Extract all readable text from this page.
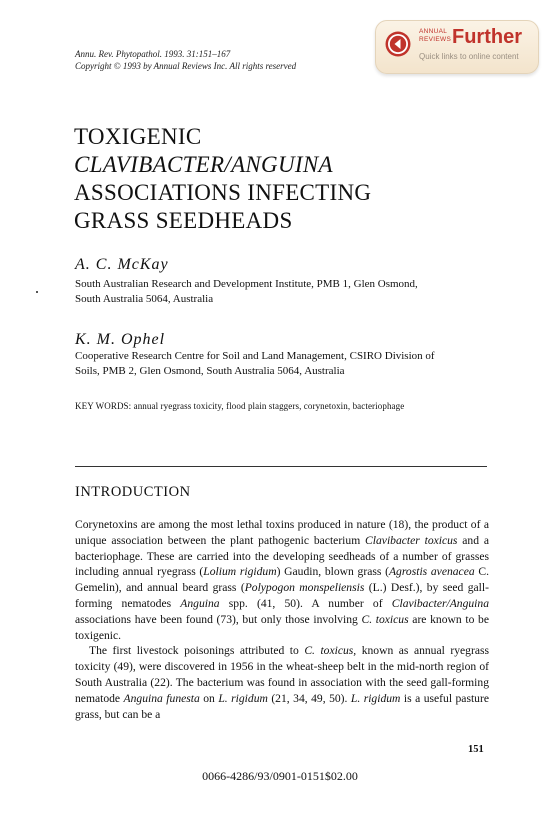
Annu. Rev. Phytopathol. 1993. 31:151–167
Copyright © 1993 by Annual Reviews Inc. All rights reserved
ANNUAL
REVIEWS Further
Quick links to online content
TOXIGENIC
CLAVIBACTER/ANGUINA
ASSOCIATIONS INFECTING
GRASS SEEDHEADS
A. C. McKay
South Australian Research and Development Institute, PMB 1, Glen Osmond,
South Australia 5064, Australia
K. M. Ophel
Cooperative Research Centre for Soil and Land Management, CSIRO Division of
Soils, PMB 2, Glen Osmond, South Australia 5064, Australia
KEY WORDS: annual ryegrass toxicity, flood plain staggers, corynetoxin, bacteriophage
INTRODUCTION

Corynetoxins are among the most lethal toxins produced in nature (18), the product of a unique association between the plant pathogenic bacterium Clavibacter toxicus and a bacteriophage. These are carried into the developing seedheads of a number of grasses including annual ryegrass (Lolium rigidum) Gaudin, blown grass (Agrostis avenacea C. Gemelin), and annual beard grass (Polypogon monspeliensis (L.) Desf.), by seed gall-forming nematodes Anguina spp. (41, 50). A number of Clavibacter/Anguina associations have been found (73), but only those involving C. toxicus are known to be toxigenic.

The first livestock poisonings attributed to C. toxicus, known as annual ryegrass toxicity (49), were discovered in 1956 in the wheat-sheep belt in the mid-north region of South Australia (22). The bacterium was found in association with the seed gall-forming nematode Anguina funesta on L. rigidum (21, 34, 49, 50). L. rigidum is a useful pasture grass, but can be a

151
0066-4286/93/0901-0151$02.00
